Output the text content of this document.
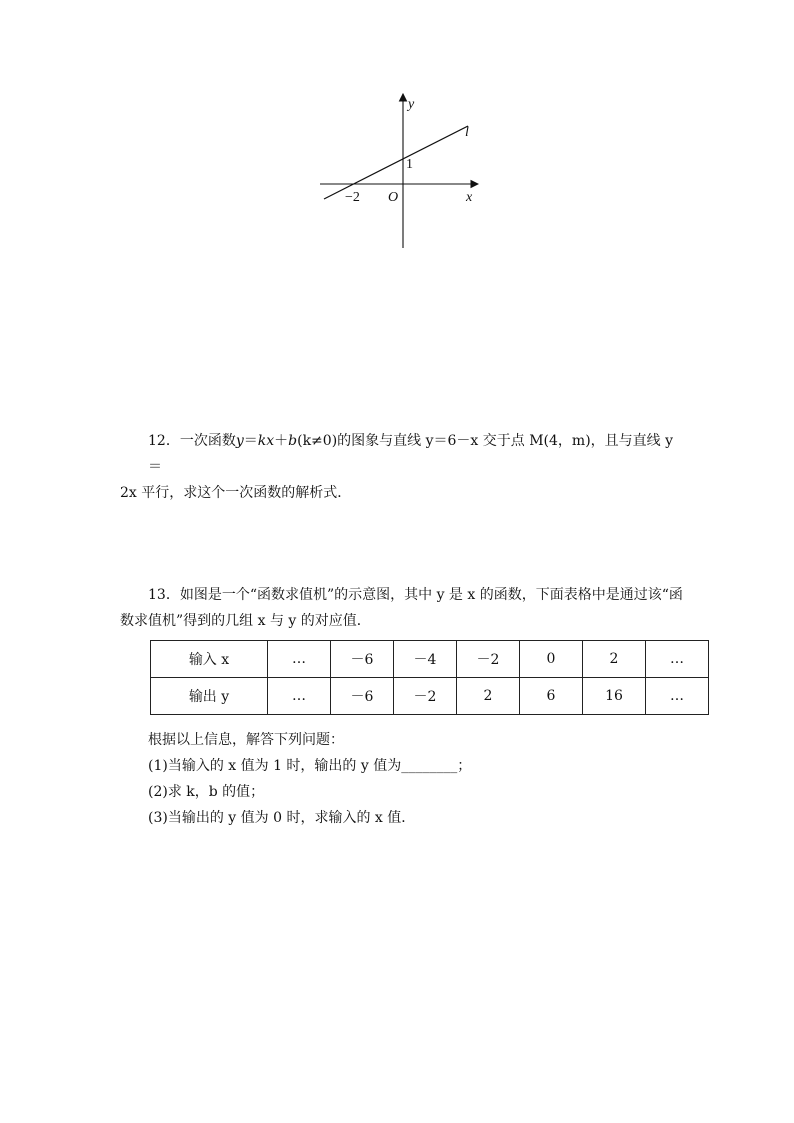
y
x
O
l
−2
1
12．一次函数y＝kx＋b(k≠0)的图象与直线 y＝6－x 交于点 M(4，m)，且与直线 y＝
2x 平行，求这个一次函数的解析式．
13．如图是一个“函数求值机”的示意图，其中 y 是 x 的函数，下面表格中是通过该“函
数求值机”得到的几组 x 与 y 的对应值．
输入 x	…	－6	－4	－2	0	2	…
输出 y	…	－6	－2	2	6	16	…
根据以上信息，解答下列问题：
(1)当输入的 x 值为 1 时，输出的 y 值为________；
(2)求 k，b 的值；
(3)当输出的 y 值为 0 时，求输入的 x 值．
